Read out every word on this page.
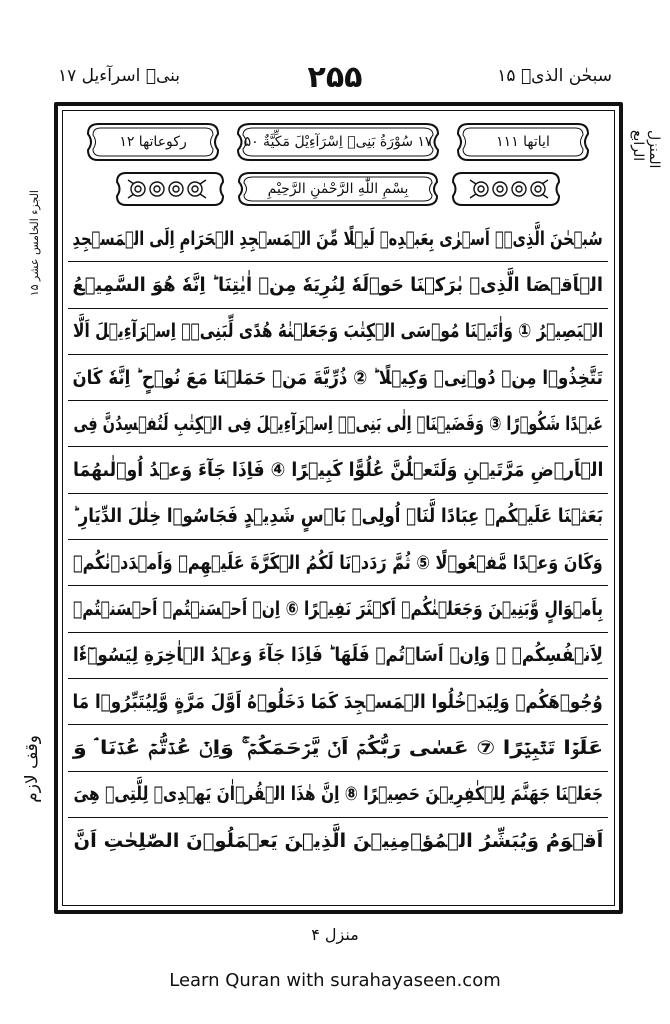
سبحٰن الذیۤ ۱۵
۲۵۵
بنیۤ اسرآءیل ۱۷
المنزل
الرابع
الجزء الخامس عشر ۱۵
وقف لازم
رکوعاتها ۱۲	۱۷ سُوْرَةُ بَنِیۤ اِسْرَآءِیْلَ مَكِّيَّةٌ ۵۰	ایاتها ۱۱۱
بِسْمِ اللّٰهِ الرَّحْمٰنِ الرَّحِیْمِ
سُبۡحٰنَ الَّذِیۡۤ اَسۡرٰی بِعَبۡدِهٖ لَیۡلًا مِّنَ الۡمَسۡجِدِ الۡحَرَامِ اِلَی الۡمَسۡجِدِ
الۡاَقۡصَا الَّذِیۡ بٰرَكۡنَا حَوۡلَهٗ لِنُرِیَهٗ مِنۡ اٰیٰتِنَا ؕ اِنَّهٗ هُوَ السَّمِیۡعُ
الۡبَصِیۡرُ ① وَاٰتَیۡنَا مُوۡسَی الۡكِتٰبَ وَجَعَلۡنٰهُ هُدًی لِّبَنِیۡۤ اِسۡرَآءِیۡلَ اَلَّا
تَتَّخِذُوۡا مِنۡ دُوۡنِیۡ وَكِیۡلًا ؕ ② ذُرِّیَّةَ مَنۡ حَمَلۡنَا مَعَ نُوۡحٍ ؕ اِنَّهٗ كَانَ
عَبۡدًا شَكُوۡرًا ③ وَقَضَیۡنَاۤ اِلٰی بَنِیۡۤ اِسۡرَآءِیۡلَ فِی الۡكِتٰبِ لَتُفۡسِدُنَّ فِی
الۡاَرۡضِ مَرَّتَیۡنِ وَلَتَعۡلُنَّ عُلُوًّا كَبِیۡرًا ④ فَاِذَا جَآءَ وَعۡدُ اُوۡلٰىهُمَا
بَعَثۡنَا عَلَیۡكُمۡ عِبَادًا لَّنَاۤ اُولِیۡ بَاۡسٍ شَدِیۡدٍ فَجَاسُوۡا خِلٰلَ الدِّیَارِ ؕ
وَكَانَ وَعۡدًا مَّفۡعُوۡلًا ⑤ ثُمَّ رَدَدۡنَا لَكُمُ الۡكَرَّةَ عَلَیۡهِمۡ وَاَمۡدَدۡنٰكُمۡ
بِاَمۡوَالٍ وَّبَنِیۡنَ وَجَعَلۡنٰكُمۡ اَكۡثَرَ نَفِیۡرًا ⑥ اِنۡ اَحۡسَنۡتُمۡ اَحۡسَنۡتُمۡ
لِاَنۡفُسِكُمۡ ۟ وَاِنۡ اَسَاۡتُمۡ فَلَهَا ؕ فَاِذَا جَآءَ وَعۡدُ الۡاٰخِرَةِ لِیَسُوۡٓءٗا
وُجُوۡهَكُمۡ وَلِیَدۡخُلُوا الۡمَسۡجِدَ كَمَا دَخَلُوۡهُ اَوَّلَ مَرَّةٍ وَّلِیُتَبِّرُوۡا مَا
عَلَوۡا تَتۡبِیۡرًا ⑦ عَسٰی رَبُّكُمۡ اَنۡ یَّرۡحَمَكُمۡ ۚ وَاِنۡ عُدۡتُّمۡ عُدۡنَا ۘ وَ
جَعَلۡنَا جَهَنَّمَ لِلۡكٰفِرِیۡنَ حَصِیۡرًا ⑧ اِنَّ هٰذَا الۡقُرۡاٰنَ یَهۡدِیۡ لِلَّتِیۡ هِیَ
اَقۡوَمُ وَیُبَشِّرُ الۡمُؤۡمِنِیۡنَ الَّذِیۡنَ یَعۡمَلُوۡنَ الصّٰلِحٰتِ اَنَّ
منزل ۴
Learn Quran with surahayaseen.com
